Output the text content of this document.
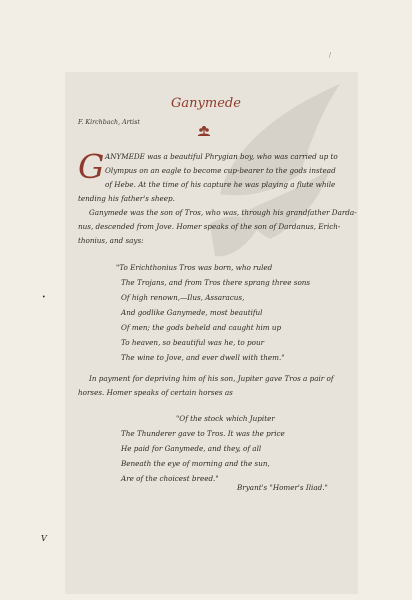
Ganymede

F. Kirchbach, Artist

G ANYMEDE was a beautiful Phrygian boy, who was carried up to

Olympus on an eagle to become cup-bearer to the gods instead

of Hebe. At the time of his capture he was playing a flute while

tending his father's sheep.

Ganymede was the son of Tros, who was, through his grandfather Darda-

nus, descended from Jove. Homer speaks of the son of Dardanus, Erich-

thonius, and says:

"To Erichthonius Tros was born, who ruled

The Trojans, and from Tros there sprang three sons

Of high renown,—Ilus, Assaracus,

And godlike Ganymede, most beautiful

Of men; the gods beheld and caught him up

To heaven, so beautiful was he, to pour

The wine to Jove, and ever dwell with them."

In payment for depriving him of his son, Jupiter gave Tros a pair of

horses. Homer speaks of certain horses as

"Of the stock which Jupiter

The Thunderer gave to Tros. It was the price

He paid for Ganymede, and they, of all

Beneath the eye of morning and the sun,

Are of the choicest breed."

Bryant's "Homer's Iliad."

•

V

/
